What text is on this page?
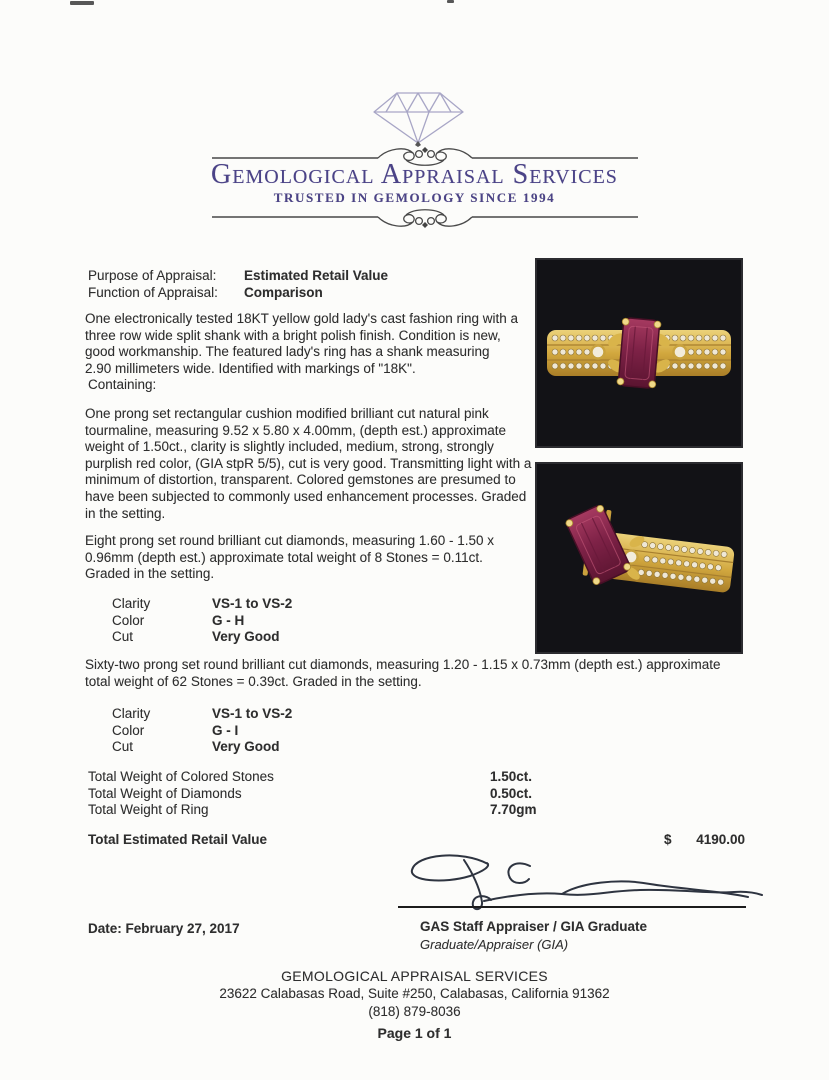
Gemological Appraisal Services
TRUSTED IN GEMOLOGY SINCE 1994
Purpose of Appraisal:	Estimated Retail Value
Function of Appraisal:	Comparison
One electronically tested 18KT yellow gold lady's cast fashion ring with a three row wide split shank with a bright polish finish. Condition is new, good workmanship. The featured lady's ring has a shank measuring 2.90 millimeters wide. Identified with markings of "18K".
Containing:
One prong set rectangular cushion modified brilliant cut natural pink tourmaline, measuring 9.52 x 5.80 x 4.00mm, (depth est.) approximate weight of 1.50ct., clarity is slightly included, medium, strong, strongly purplish red color, (GIA stpR 5/5), cut is very good. Transmitting light with a minimum of distortion, transparent. Colored gemstones are presumed to have been subjected to commonly used enhancement processes. Graded in the setting.
Eight prong set round brilliant cut diamonds, measuring 1.60 - 1.50 x 0.96mm (depth est.) approximate total weight of 8 Stones = 0.11ct. Graded in the setting.
Clarity	VS-1 to VS-2
Color	G - H
Cut	Very Good
Sixty-two prong set round brilliant cut diamonds, measuring 1.20 - 1.15 x 0.73mm (depth est.) approximate total weight of 62 Stones = 0.39ct. Graded in the setting.
Clarity	VS-1 to VS-2
Color	G - I
Cut	Very Good
Total Weight of Colored Stones	1.50ct.
Total Weight of Diamonds	0.50ct.
Total Weight of Ring	7.70gm
Total Estimated Retail Value	$ 4190.00
GAS Staff Appraiser / GIA Graduate
Graduate/Appraiser (GIA)
Date: February 27, 2017
GEMOLOGICAL APPRAISAL SERVICES
23622 Calabasas Road, Suite #250, Calabasas, California 91362
(818) 879-8036
Page 1 of 1
